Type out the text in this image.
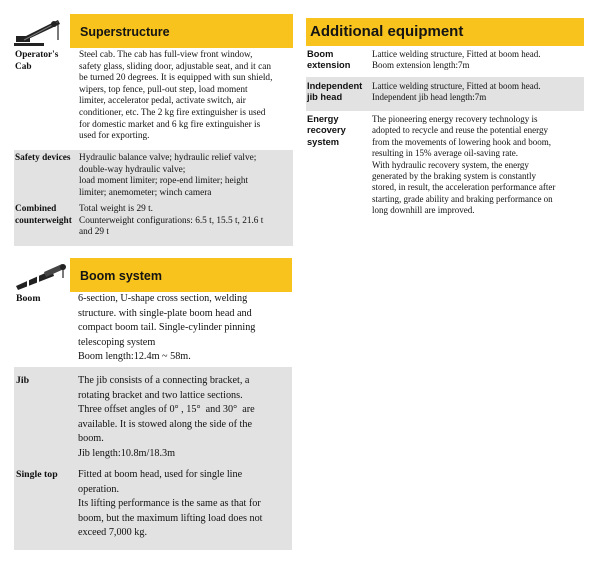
Superstructure
Operator's Cab
Steel cab. The cab has full-view front window,
safety glass, sliding door, adjustable seat, and it can
be turned 20 degrees. It is equipped with sun shield,
wipers, top fence, pull-out step, load moment
limiter, accelerator pedal, activate switch, air
conditioner, etc. The 2 kg fire extinguisher is used
for domestic market and 6 kg fire extinguisher is
used for exporting.
Safety devices Hydraulic balance valve; hydraulic relief valve;
double-way hydraulic valve;
load moment limiter; rope-end limiter; height
limiter; anemometer; winch camera
Combined counterweight
Total weight is 29 t.
Counterweight configurations: 6.5 t, 15.5 t, 21.6 t
and 29 t
Additional equipment
Boom extension
Lattice welding structure, Fitted at boom head.
Boom extension length:7m
Independent jib head
Lattice welding structure, Fitted at boom head.
Independent jib head length:7m
Energy recovery system
The pioneering energy recovery technology is
adopted to recycle and reuse the potential energy
from the movements of lowering hook and boom,
resulting in 15% average oil-saving rate.
With hydraulic recovery system, the energy
generated by the braking system is constantly
stored, in result, the acceleration performance after
starting, grade ability and braking performance on
long downhill are improved.
Boom system
Boom	6-section, U-shape cross section, welding
structure. with single-plate boom head and
compact boom tail. Single-cylinder pinning
telescoping system
Boom length:12.4m ~ 58m.
Jib	The jib consists of a connecting bracket, a
rotating bracket and two lattice sections.
Three offset angles of 0° , 15°  and 30°  are
available. It is stowed along the side of the
boom.
Jib length:10.8m/18.3m
Single top Fitted at boom head, used for single line
operation.
Its lifting performance is the same as that for
boom, but the maximum lifting load does not
exceed 7,000 kg.
